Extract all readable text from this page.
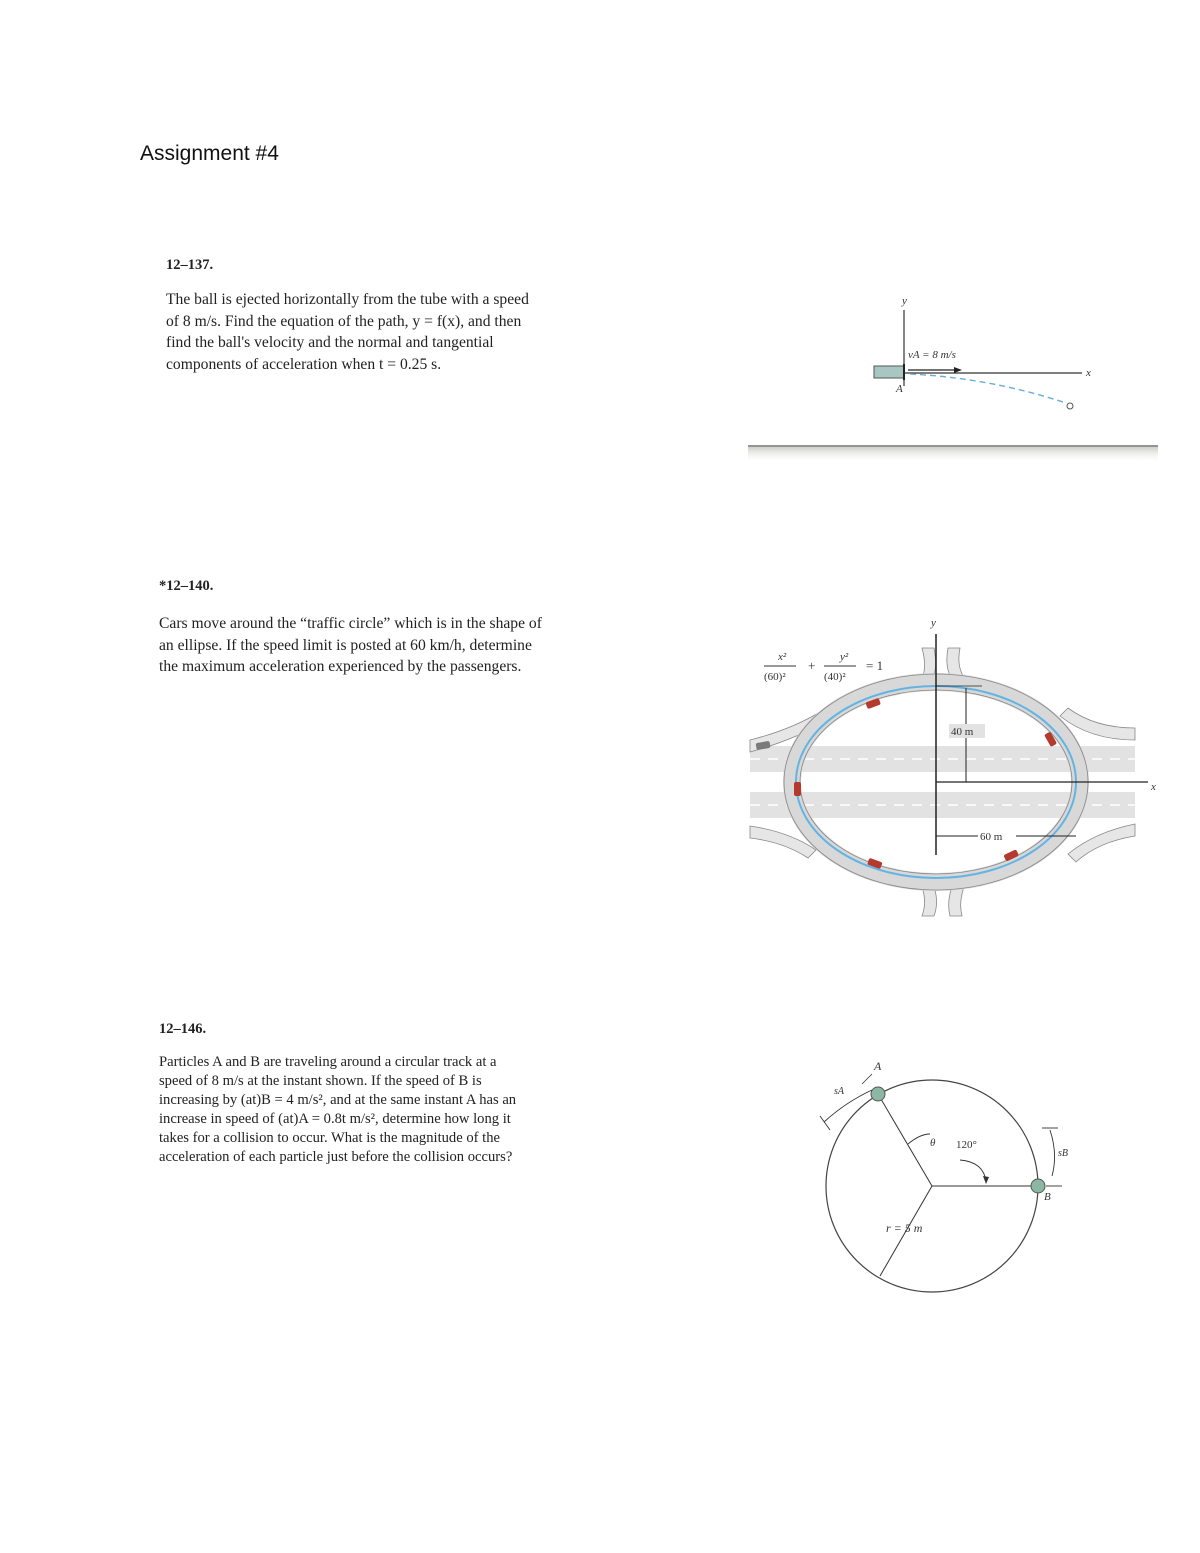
Assignment #4
12–137.
The ball is ejected horizontally from the tube with a speed
of 8 m/s. Find the equation of the path, y = f(x), and then
find the ball's velocity and the normal and tangential
components of acceleration when t = 0.25 s.
y
x
A
vA = 8 m/s
*12–140.
Cars move around the “traffic circle” which is in the shape of
an ellipse. If the speed limit is posted at 60 km/h, determine
the maximum acceleration experienced by the passengers.
x²
(60)²
+
y²
(40)²
= 1
y
x
40 m
60 m
12–146.
Particles A and B are traveling around a circular track at a
speed of 8 m/s at the instant shown. If the speed of B is
increasing by (at)B = 4 m/s², and at the same instant A has an
increase in speed of (at)A = 0.8t m/s², determine how long it
takes for a collision to occur. What is the magnitude of the
acceleration of each particle just before the collision occurs?
r = 5 m
θ 120°
A
sA
B
sB
